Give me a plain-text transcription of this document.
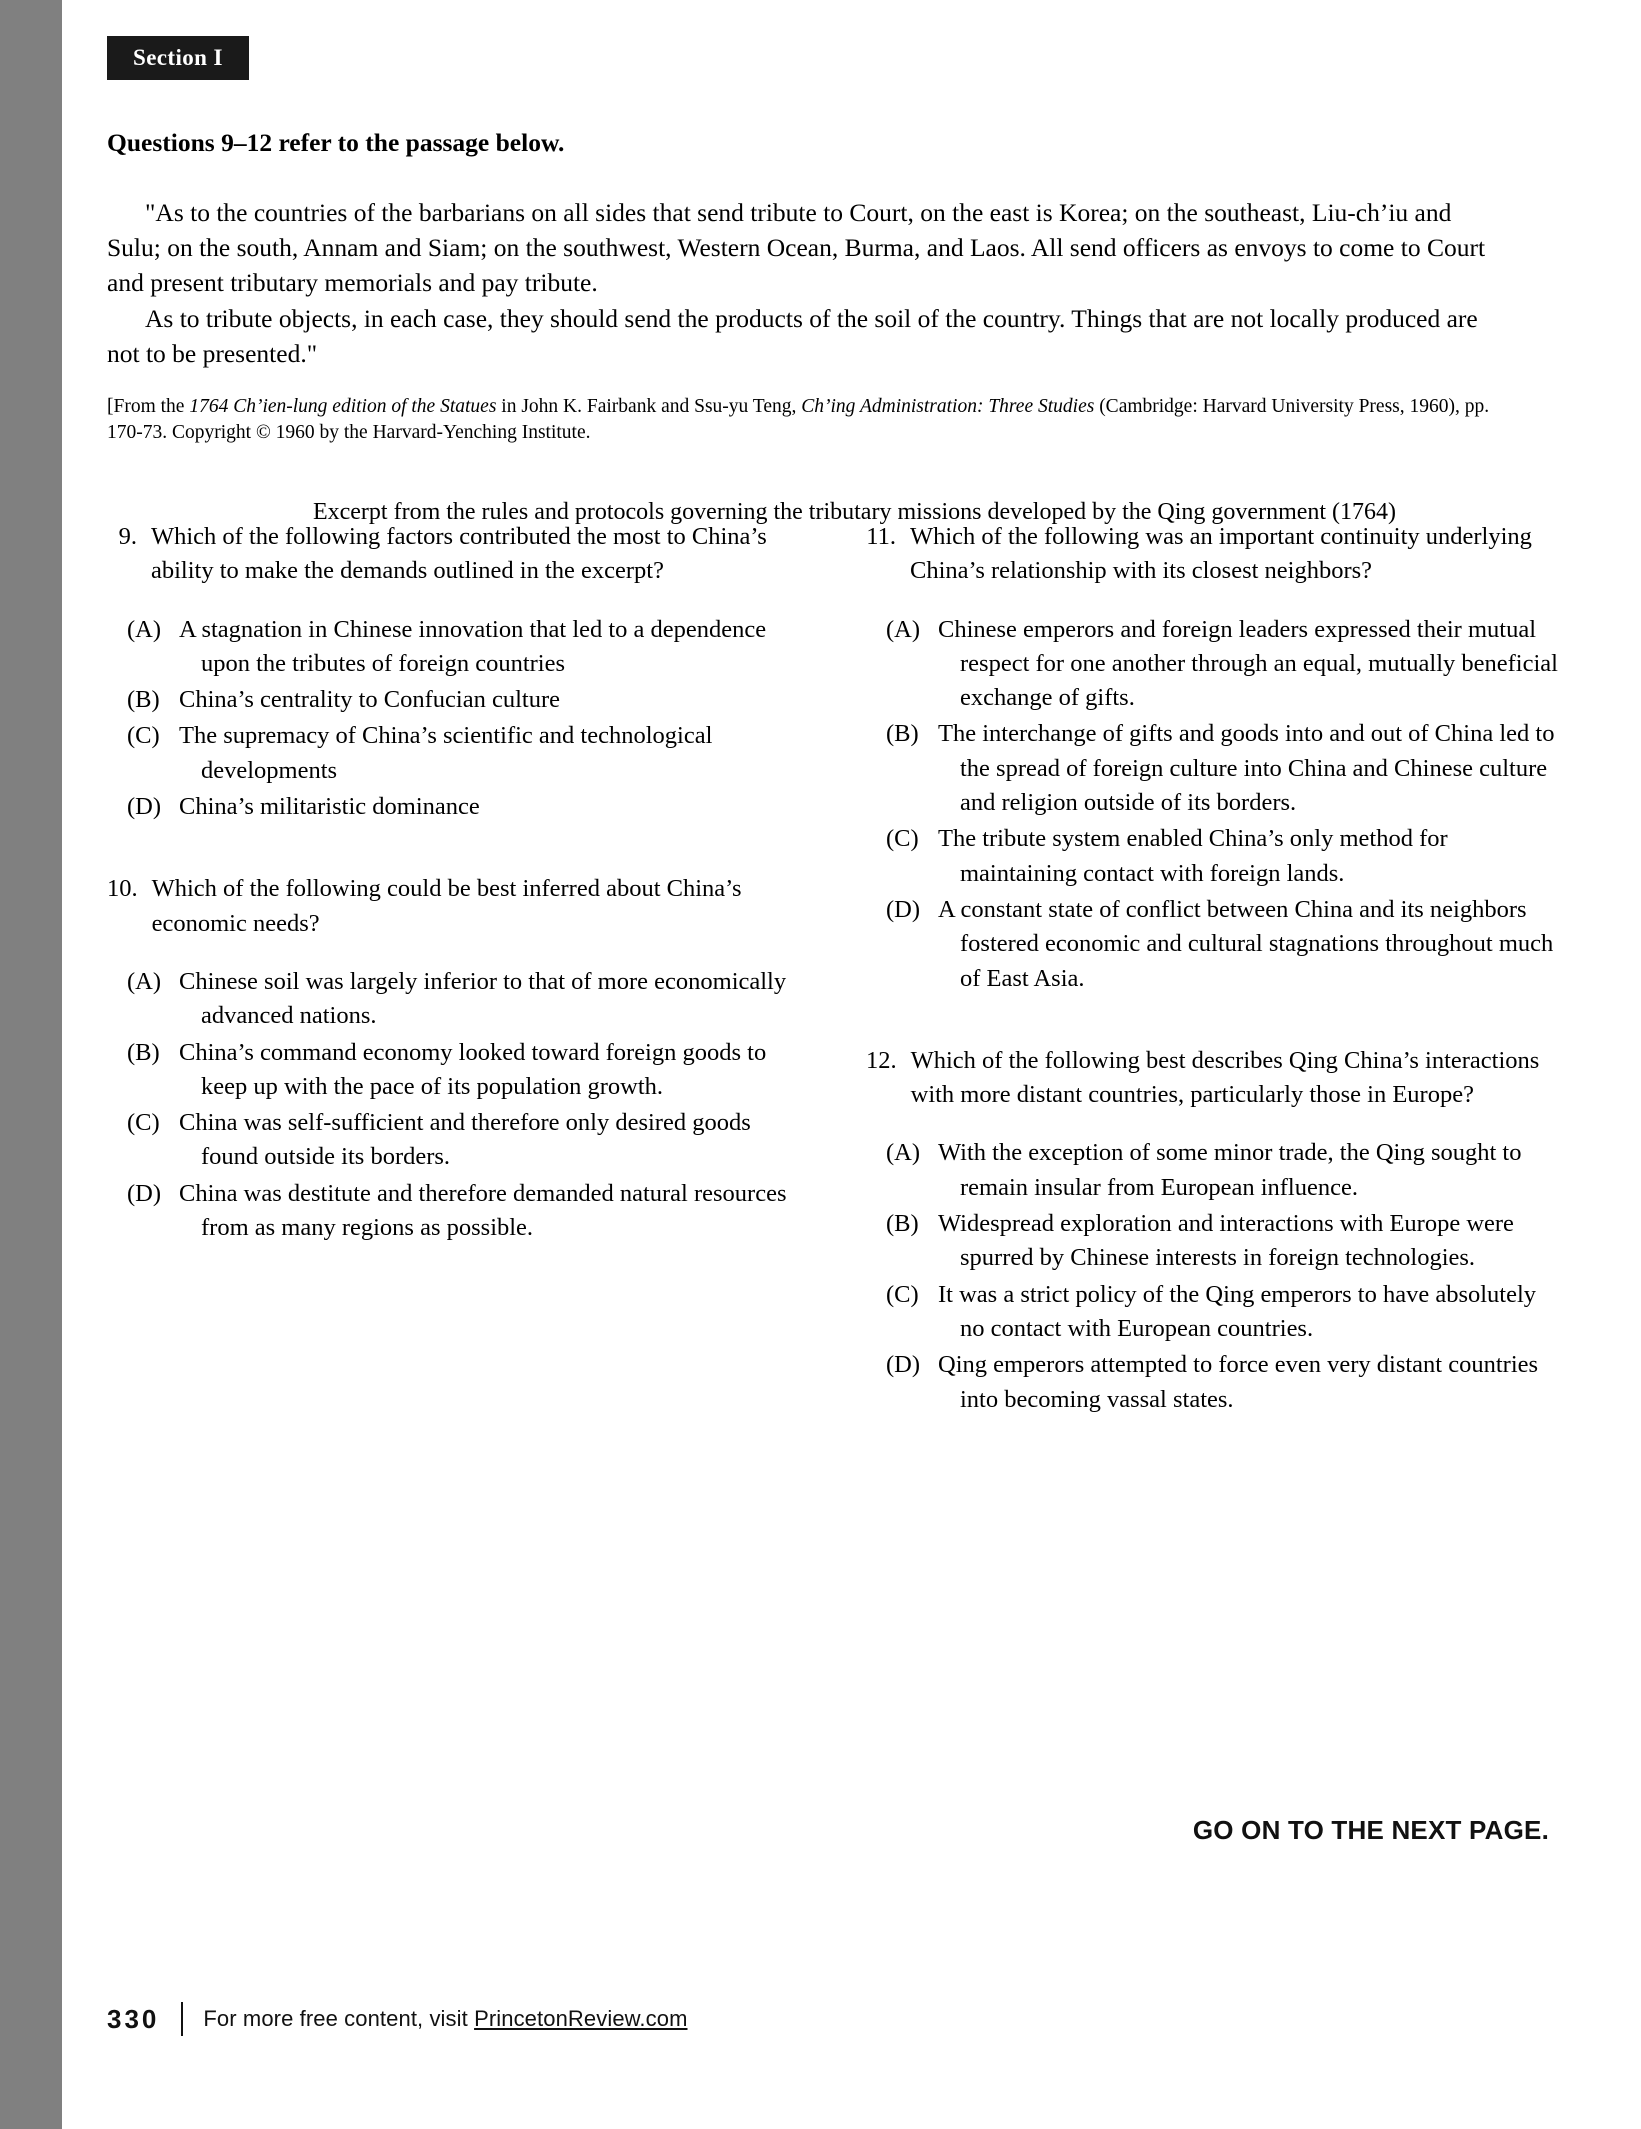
Section I
Questions 9–12 refer to the passage below.

"As to the countries of the barbarians on all sides that send tribute to Court, on the east is Korea; on the southeast, Liu-ch’iu and Sulu; on the south, Annam and Siam; on the southwest, Western Ocean, Burma, and Laos. All send officers as envoys to come to Court and present tributary memorials and pay tribute.

As to tribute objects, in each case, they should send the products of the soil of the country. Things that are not locally produced are not to be presented."

[From the 1764 Ch’ien-lung edition of the Statues in John K. Fairbank and Ssu-yu Teng, Ch’ing Administration: Three Studies (Cambridge: Harvard University Press, 1960), pp. 170-73. Copyright © 1960 by the Harvard-Yenching Institute.

Excerpt from the rules and protocols governing the tributary missions developed by the Qing government (1764)

9. Which of the following factors contributed the most to China’s ability to make the demands outlined in the excerpt?
(A) A stagnation in Chinese innovation that led to a dependence upon the tributes of foreign countries
(B) China’s centrality to Confucian culture
(C) The supremacy of China’s scientific and technological developments
(D) China’s militaristic dominance
10. Which of the following could be best inferred about China’s economic needs?
(A) Chinese soil was largely inferior to that of more economically advanced nations.
(B) China’s command economy looked toward foreign goods to keep up with the pace of its population growth.
(C) China was self-sufficient and therefore only desired goods found outside its borders.
(D) China was destitute and therefore demanded natural resources from as many regions as possible.
11. Which of the following was an important continuity underlying China’s relationship with its closest neighbors?
(A) Chinese emperors and foreign leaders expressed their mutual respect for one another through an equal, mutually beneficial exchange of gifts.
(B) The interchange of gifts and goods into and out of China led to the spread of foreign culture into China and Chinese culture and religion outside of its borders.
(C) The tribute system enabled China’s only method for maintaining contact with foreign lands.
(D) A constant state of conflict between China and its neighbors fostered economic and cultural stagnations throughout much of East Asia.
12. Which of the following best describes Qing China’s interactions with more distant countries, particularly those in Europe?
(A) With the exception of some minor trade, the Qing sought to remain insular from European influence.
(B) Widespread exploration and interactions with Europe were spurred by Chinese interests in foreign technologies.
(C) It was a strict policy of the Qing emperors to have absolutely no contact with European countries.
(D) Qing emperors attempted to force even very distant countries into becoming vassal states.
GO ON TO THE NEXT PAGE.
330 For more free content, visit PrincetonReview.com
